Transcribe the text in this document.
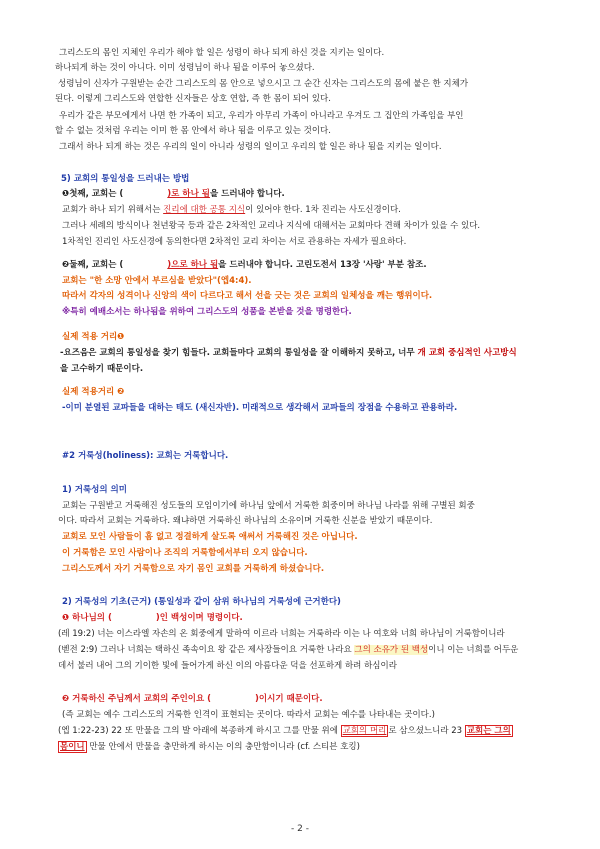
그리스도의 몸인 지체인 우리가 해야 할 일은 성령이 하나 되게 하신 것을 지키는 일이다.
하나되게 하는 것이 아니다. 이미 성령님이 하나 됨을 이루어 놓으셨다.
성령님이 신자가 구원받는 순간 그리스도의 몸 안으로 넣으시고 그 순간 신자는 그리스도의 몸에 붙은 한 지체가
된다. 이렇게 그리스도와 연합한 신자들은 상호 연합, 즉 한 몸이 되어 있다.
우리가 같은 부모에게서 나면 한 가족이 되고, 우리가 아무리 가족이 아니라고 우겨도 그 집안의 가족임을 부인
할 수 없는 것처럼 우리는 이미 한 몸 안에서 하나 됨을 이루고 있는 것이다.
그래서 하나 되게 하는 것은 우리의 일이 아니라 성령의 일이고 우리의 할 일은 하나 됨을 지키는 일이다.
5) 교회의 통일성을 드러내는 방법
❶첫째, 교회는 (	)로 하나 됨을 드러내야 합니다.
교회가 하나 되기 위해서는 진리에 대한 공통 지식이 있어야 한다. 1차 진리는 사도신경이다.
그러나 세례의 방식이나 천년왕국 등과 같은 2차적인 교리나 지식에 대해서는 교회마다 견해 차이가 있을 수 있다.
1차적인 진리인 사도신경에 동의한다면 2차적인 교리 차이는 서로 관용하는 자세가 필요하다.
❷둘째, 교회는 (	)으로 하나 됨을 드러내야 합니다. 고린도전서 13장 '사랑' 부분 참조.
교회는 "한 소망 안에서 부르심을 받았다"(엡4:4).
따라서 각자의 성격이나 신앙의 색이 다르다고 해서 선을 긋는 것은 교회의 일체성을 깨는 행위이다.
※특히 예배소서는 하나됨을 위하여 그리스도의 성품을 본받을 것을 명령한다.
실제 적용 거리❶
-요즈음은 교회의 통일성을 찾기 힘들다. 교회들마다 교회의 통일성을 잘 이해하지 못하고, 너무 개 교회 중심적인 사고방식
을 고수하기 때문이다.
실제 적용거리 ❷
-이미 분열된 교파들을 대하는 태도 (새신자반). 미래적으로 생각해서 교파들의 장점을 수용하고 관용하라.
#2 거룩성(holiness): 교회는 거룩합니다.
1) 거룩성의 의미
교회는 구원받고 거룩해진 성도들의 모임이기에 하나님 앞에서 거룩한 회중이며 하나님 나라를 위해 구별된 회중
이다. 따라서 교회는 거룩하다. 왜냐하면 거룩하신 하나님의 소유이며 거룩한 신분을 받았기 때문이다.
교회로 모인 사람들이 흠 없고 정결하게 살도록 애써서 거룩해진 것은 아닙니다.
이 거룩함은 모인 사람이나 조직의 거룩함에서부터 오지 않습니다.
그리스도께서 자기 거룩함으로 자기 몸인 교회를 거룩하게 하셨습니다.
2) 거룩성의 기초(근거) (통일성과 같이 삼위 하나님의 거룩성에 근거한다)
❶ 하나님의 (	)인 백성이며 명령이다.
(레 19:2) 너는 이스라엘 자손의 온 회중에게 말하여 이르라 너희는 거룩하라 이는 나 여호와 너희 하나님이 거룩함이니라
(벧전 2:9) 그러나 너희는 택하신 족속이요 왕 같은 제사장들이요 거룩한 나라요 그의 소유가 된 백성이니 이는 너희를 어두운
데서 불러 내어 그의 기이한 빛에 들어가게 하신 이의 아름다운 덕을 선포하게 하려 하심이라
❷ 거룩하신 주님께서 교회의 주인이요 (	)이시기 때문이다.
(즉 교회는 예수 그리스도의 거룩한 인격이 표현되는 곳이다. 따라서 교회는 예수를 나타내는 곳이다.)
(엡 1:22-23) 22 또 만물을 그의 발 아래에 복종하게 하시고 그를 만물 위에 교회의 머리 로 삼으셨느니라 23 교회는 그의
몸이니 만물 안에서 만물을 충만하게 하시는 이의 충만함이니라 (cf. 스티븐 호킹)
- 2 -
